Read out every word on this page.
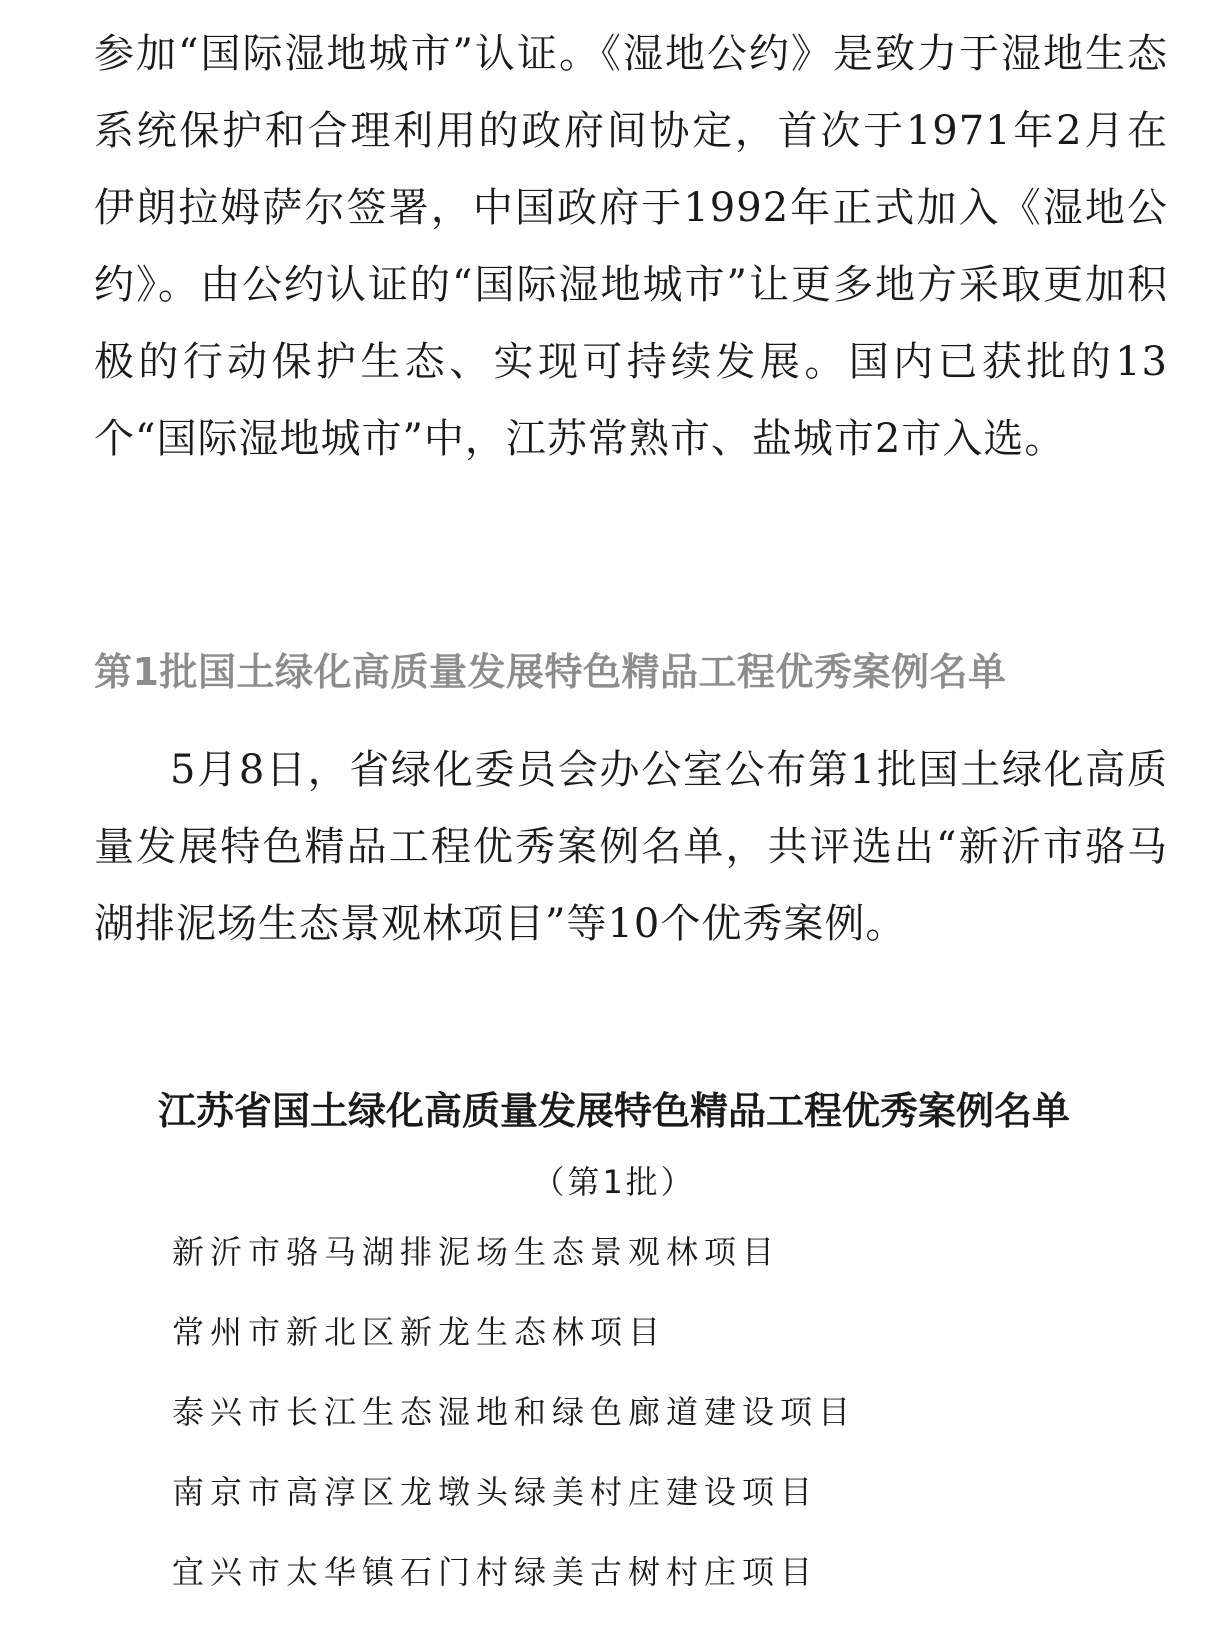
参加“国际湿地城市”认证。《湿地公约》是致力于湿地生态系统保护和合理利用的政府间协定，首次于1971年2月在伊朗拉姆萨尔签署，中国政府于1992年正式加入《湿地公约》。由公约认证的“国际湿地城市”让更多地方采取更加积极的行动保护生态、实现可持续发展。国内已获批的13个“国际湿地城市”中，江苏常熟市、盐城市2市入选。

第1批国土绿化高质量发展特色精品工程优秀案例名单

5月8日，省绿化委员会办公室公布第1批国土绿化高质量发展特色精品工程优秀案例名单，共评选出“新沂市骆马湖排泥场生态景观林项目”等10个优秀案例。

江苏省国土绿化高质量发展特色精品工程优秀案例名单
（第1批）
新沂市骆马湖排泥场生态景观林项目
常州市新北区新龙生态林项目
泰兴市长江生态湿地和绿色廊道建设项目
南京市高淳区龙墩头绿美村庄建设项目
宜兴市太华镇石门村绿美古树村庄项目
